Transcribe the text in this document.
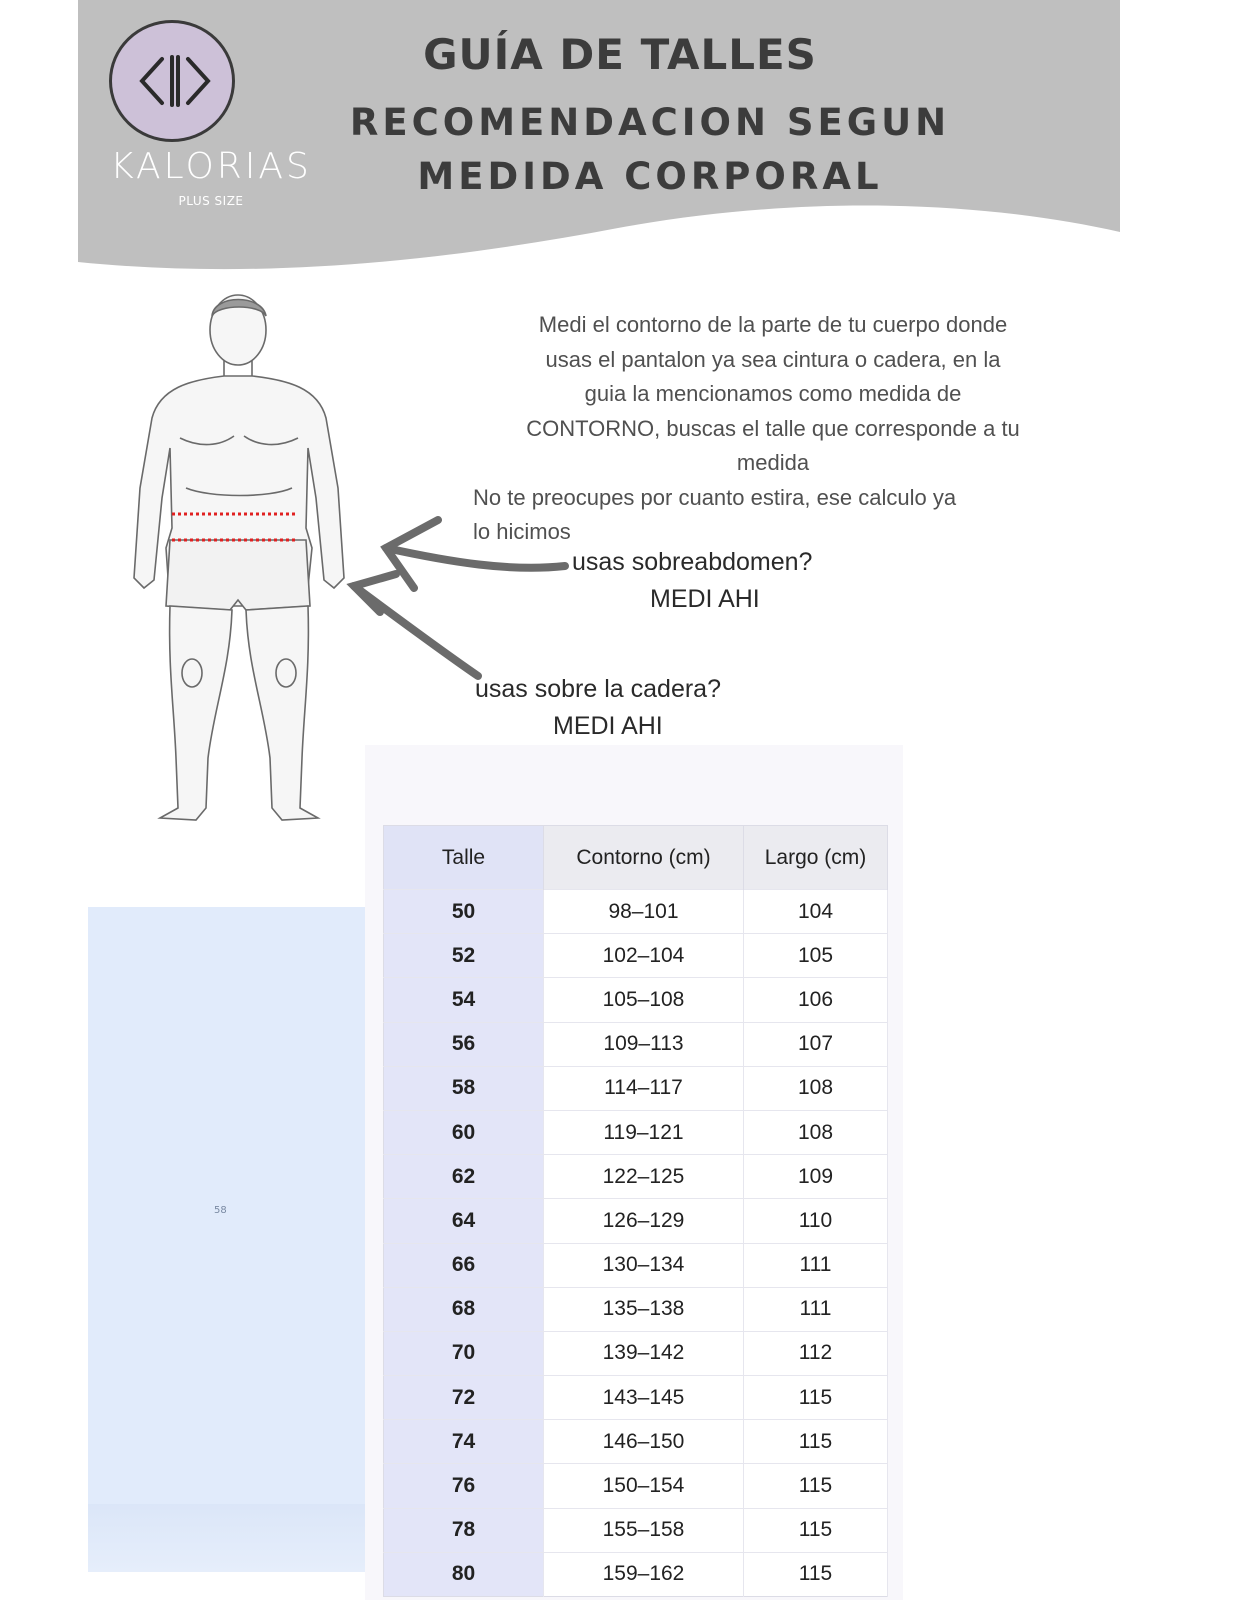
KALORIAS
PLUS SIZE
GUÍA DE TALLES
RECOMENDACION SEGUN
MEDIDA CORPORAL
Medi el contorno de la parte de tu cuerpo donde
usas el pantalon ya sea cintura o cadera, en la
guia la mencionamos como medida de
CONTORNO, buscas el talle que corresponde a tu
medida
No te preocupes por cuanto estira, ese calculo ya
lo hicimos
usas sobreabdomen?
MEDI AHI
usas sobre la cadera?
MEDI AHI
58
Talle	Contorno (cm)	Largo (cm)
50	98–101	104
52	102–104	105
54	105–108	106
56	109–113	107
58	114–117	108
60	119–121	108
62	122–125	109
64	126–129	110
66	130–134	111
68	135–138	111
70	139–142	112
72	143–145	115
74	146–150	115
76	150–154	115
78	155–158	115
80	159–162	115
